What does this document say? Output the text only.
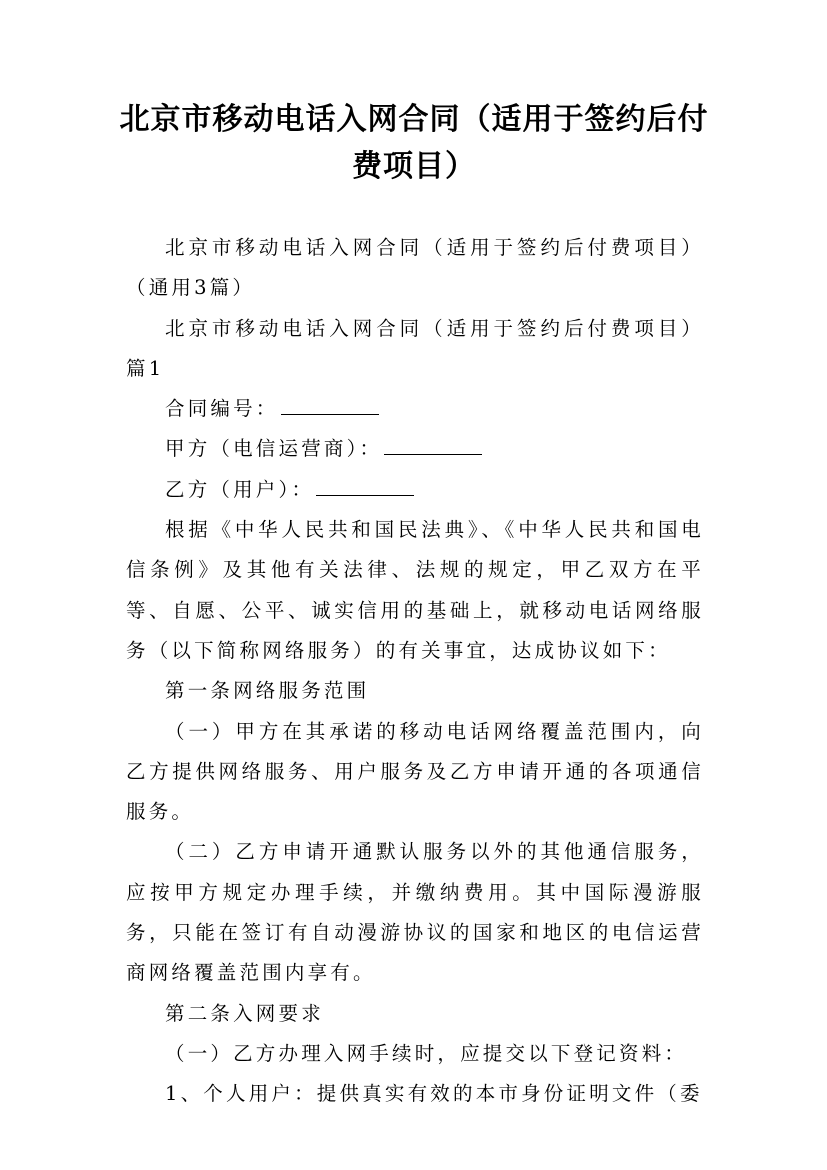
北京市移动电话入网合同（适用于签约后付费项目）

北京市移动电话入网合同（适用于签约后付费项目）（通用3篇）

北京市移动电话入网合同（适用于签约后付费项目）篇1

合同编号：

甲方（电信运营商）：

乙方（用户）：

根据《中华人民共和国民法典》、《中华人民共和国电信条例》及其他有关法律、法规的规定，甲乙双方在平等、自愿、公平、诚实信用的基础上，就移动电话网络服务（以下简称网络服务）的有关事宜，达成协议如下：

第一条网络服务范围

（一）甲方在其承诺的移动电话网络覆盖范围内，向乙方提供网络服务、用户服务及乙方申请开通的各项通信服务。

（二）乙方申请开通默认服务以外的其他通信服务，应按甲方规定办理手续，并缴纳费用。其中国际漫游服务，只能在签订有自动漫游协议的国家和地区的电信运营商网络覆盖范围内享有。

第二条入网要求

（一）乙方办理入网手续时，应提交以下登记资料：

1、个人用户：提供真实有效的本市身份证明文件（委
